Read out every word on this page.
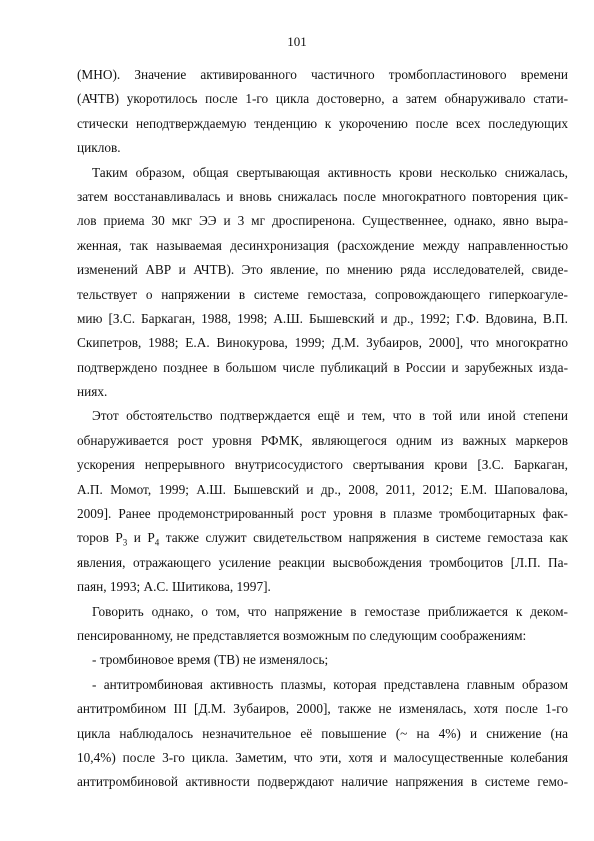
101
(МНО). Значение активированного частичного тромбопластинового времени
(АЧТВ) укоротилось после 1-го цикла достоверно, а затем обнаруживало стати-
стически неподтверждаемую тенденцию к укорочению после всех последующих
циклов.
Таким образом, общая свертывающая активность крови несколько снижалась,
затем восстанавливалась и вновь снижалась после многократного повторения цик-
лов приема 30 мкг ЭЭ и 3 мг дроспиренона. Существеннее, однако, явно выра-
женная, так называемая десинхронизация (расхождение между направленностью
изменений АВР и АЧТВ). Это явление, по мнению ряда исследователей, свиде-
тельствует о напряжении в системе гемостаза, сопровождающего гиперкоагуле-
мию [З.С. Баркаган, 1988, 1998; А.Ш. Бышевский и др., 1992; Г.Ф. Вдовина, В.П.
Скипетров, 1988; Е.А. Винокурова, 1999; Д.М. Зубаиров, 2000], что многократно
подтверждено позднее в большом числе публикаций в России и зарубежных изда-
ниях.
Этот обстоятельство подтверждается ещё и тем, что в той или иной степени
обнаруживается рост уровня РФМК, являющегося одним из важных маркеров
ускорения непрерывного внутрисосудистого свертывания крови [З.С. Баркаган,
А.П. Момот, 1999; А.Ш. Бышевский и др., 2008, 2011, 2012; Е.М. Шаповалова,
2009]. Ранее продемонстрированный рост уровня в плазме тромбоцитарных фак-
торов $Р_3$ и $Р_4$ также служит свидетельством напряжения в системе гемостаза как
явления, отражающего усиление реакции высвобождения тромбоцитов [Л.П. Па-
паян, 1993; А.С. Шитикова, 1997].
Говорить однако, о том, что напряжение в гемостазе приближается к деком-
пенсированному, не представляется возможным по следующим соображениям:
- тромбиновое время (ТВ) не изменялось;
- антитромбиновая активность плазмы, которая представлена главным образом
антитромбином III [Д.М. Зубаиров, 2000], также не изменялась, хотя после 1-го
цикла наблюдалось незначительное её повышение (~ на 4%) и снижение (на
10,4%) после 3-го цикла. Заметим, что эти, хотя и малосущественные колебания
антитромбиновой активности подверждают наличие напряжения в системе гемо-
